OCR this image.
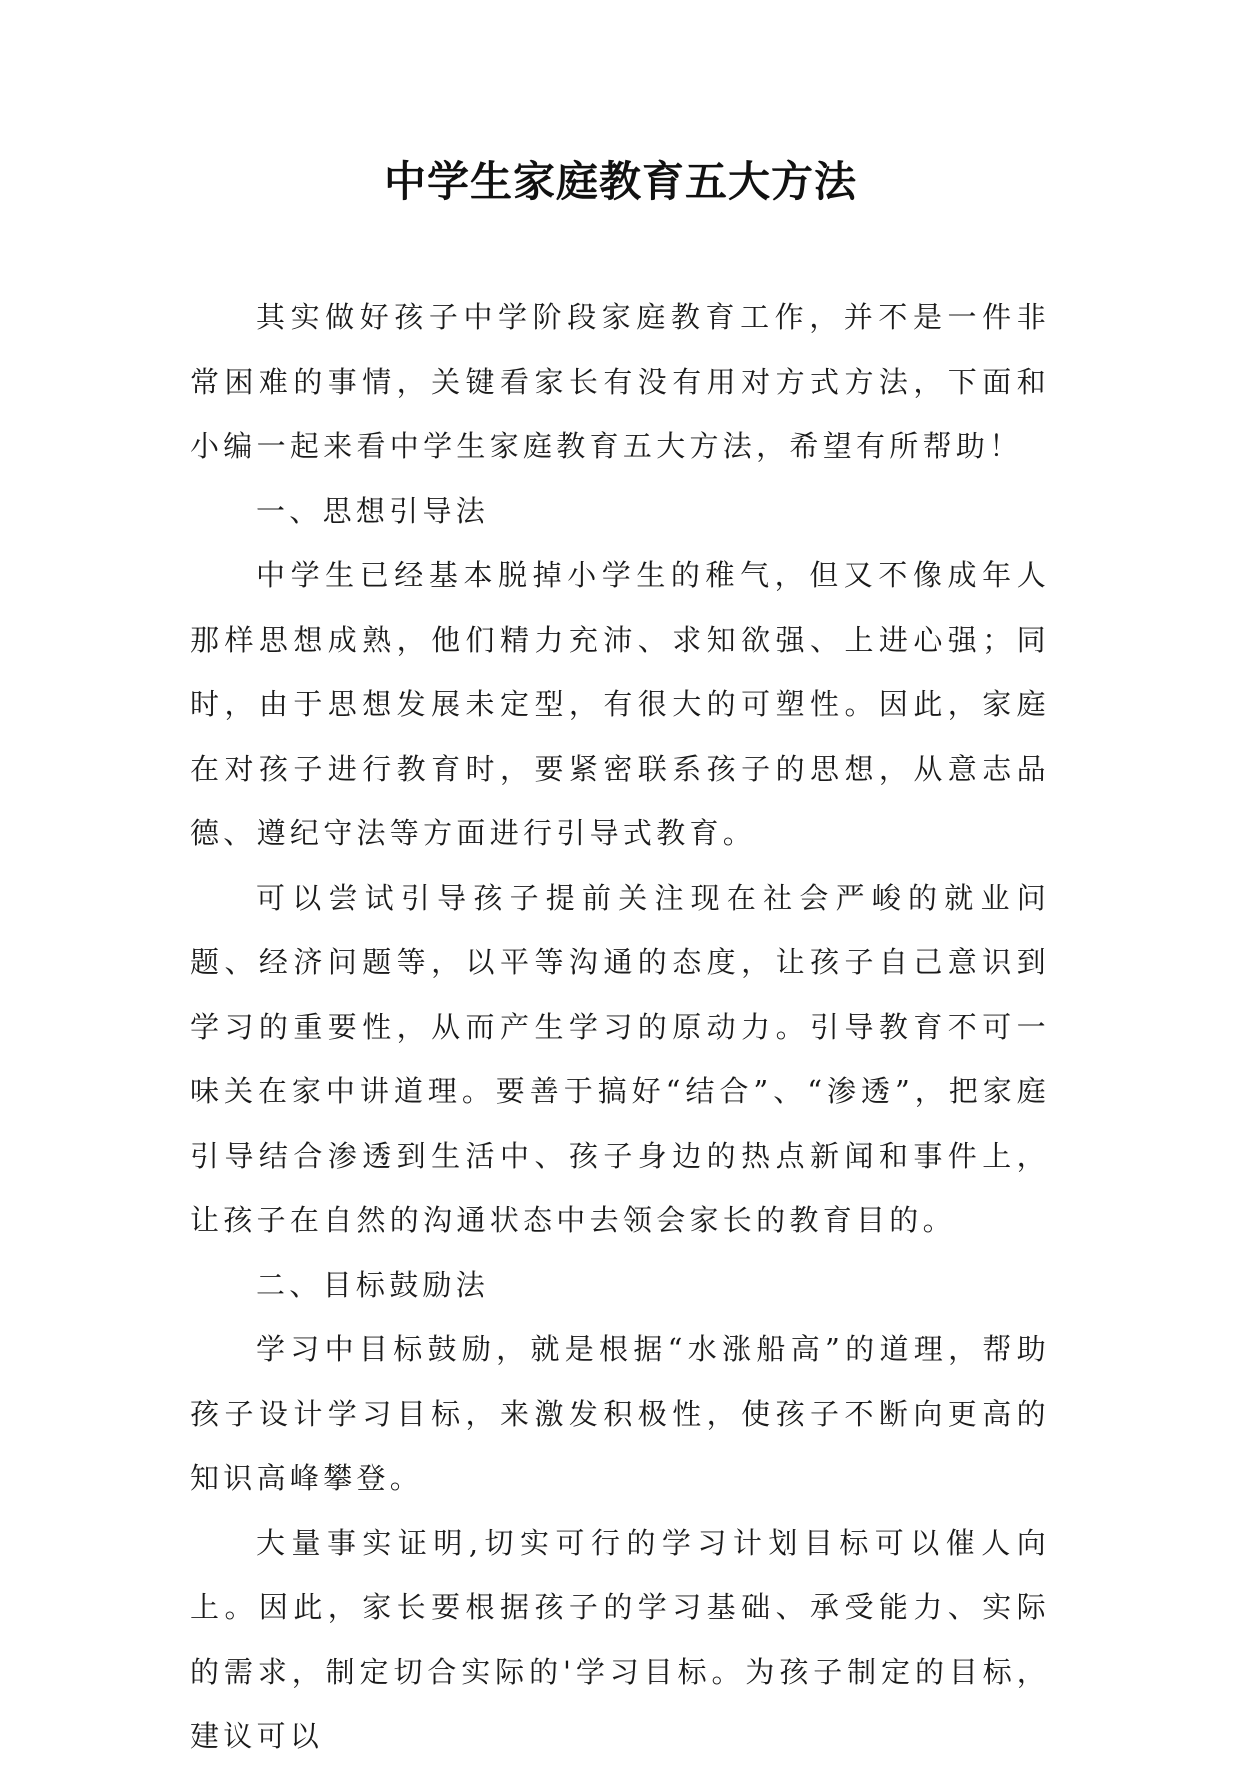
中学生家庭教育五大方法

其实做好孩子中学阶段家庭教育工作，并不是一件非常困难的事情，关键看家长有没有用对方式方法，下面和小编一起来看中学生家庭教育五大方法，希望有所帮助！

一、思想引导法

中学生已经基本脱掉小学生的稚气，但又不像成年人那样思想成熟，他们精力充沛、求知欲强、上进心强；同时，由于思想发展未定型，有很大的可塑性。因此，家庭在对孩子进行教育时，要紧密联系孩子的思想，从意志品德、遵纪守法等方面进行引导式教育。

可以尝试引导孩子提前关注现在社会严峻的就业问题、经济问题等，以平等沟通的态度，让孩子自己意识到学习的重要性，从而产生学习的原动力。引导教育不可一味关在家中讲道理。要善于搞好“结合”、“渗透”，把家庭引导结合渗透到生活中、孩子身边的热点新闻和事件上，让孩子在自然的沟通状态中去领会家长的教育目的。

二、目标鼓励法

学习中目标鼓励，就是根据“水涨船高”的道理，帮助孩子设计学习目标，来激发积极性，使孩子不断向更高的知识高峰攀登。

大量事实证明,切实可行的学习计划目标可以催人向上。因此，家长要根据孩子的学习基础、承受能力、实际的需求，制定切合实际的'学习目标。为孩子制定的目标，建议可以
